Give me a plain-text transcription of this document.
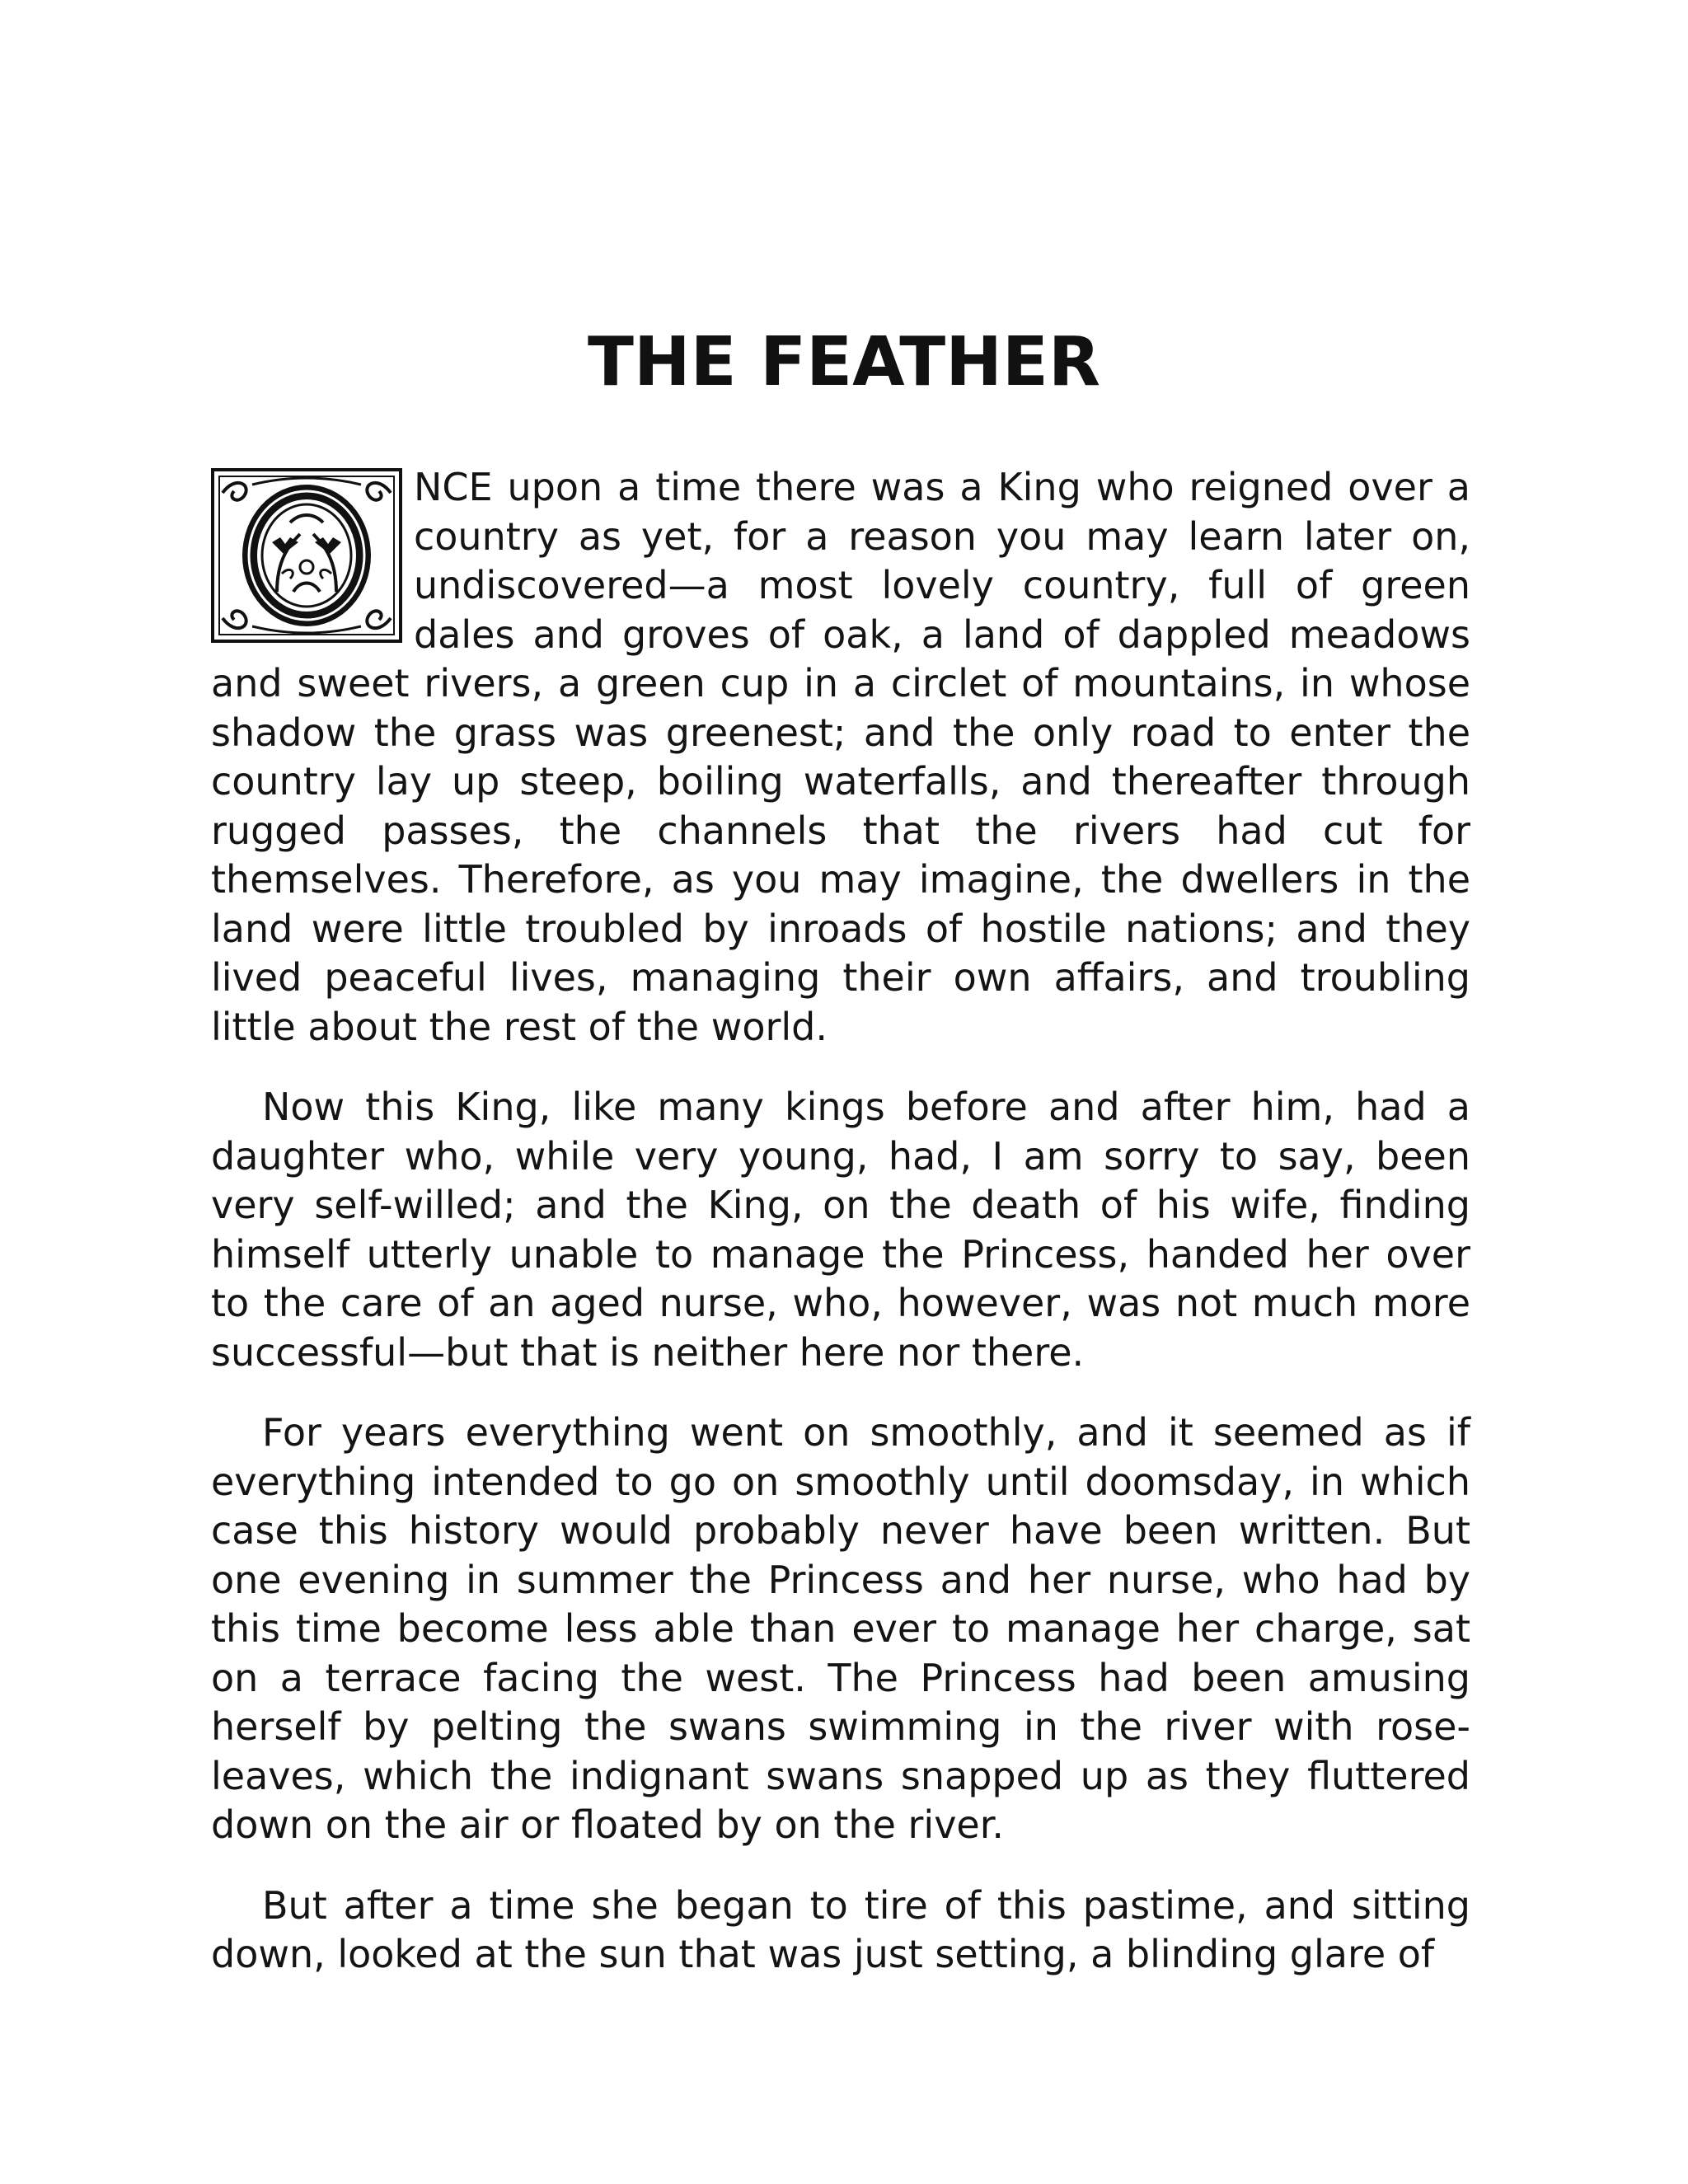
THE FEATHER

NCE upon a time there was a King who reigned over a country as yet, for a reason you may learn later on, undiscovered—a most lovely country, full of green dales and groves of oak, a land of dappled meadows and sweet rivers, a green cup in a circlet of mountains, in whose shadow the grass was greenest; and the only road to enter the country lay up steep, boiling waterfalls, and thereafter through rugged passes, the channels that the rivers had cut for themselves. Therefore, as you may imagine, the dwellers in the land were little troubled by inroads of hostile nations; and they lived peaceful lives, managing their own affairs, and troubling little about the rest of the world.

Now this King, like many kings before and after him, had a daughter who, while very young, had, I am sorry to say, been very self-willed; and the King, on the death of his wife, finding himself utterly unable to manage the Princess, handed her over to the care of an aged nurse, who, however, was not much more successful—but that is neither here nor there.

For years everything went on smoothly, and it seemed as if everything intended to go on smoothly until doomsday, in which case this history would probably never have been written. But one evening in summer the Princess and her nurse, who had by this time become less able than ever to manage her charge, sat on a terrace facing the west. The Princess had been amusing herself by pelting the swans swimming in the river with rose-leaves, which the indignant swans snapped up as they fluttered down on the air or floated by on the river.

But after a time she began to tire of this pastime, and sitting down, looked at the sun that was just setting, a blinding glare of
